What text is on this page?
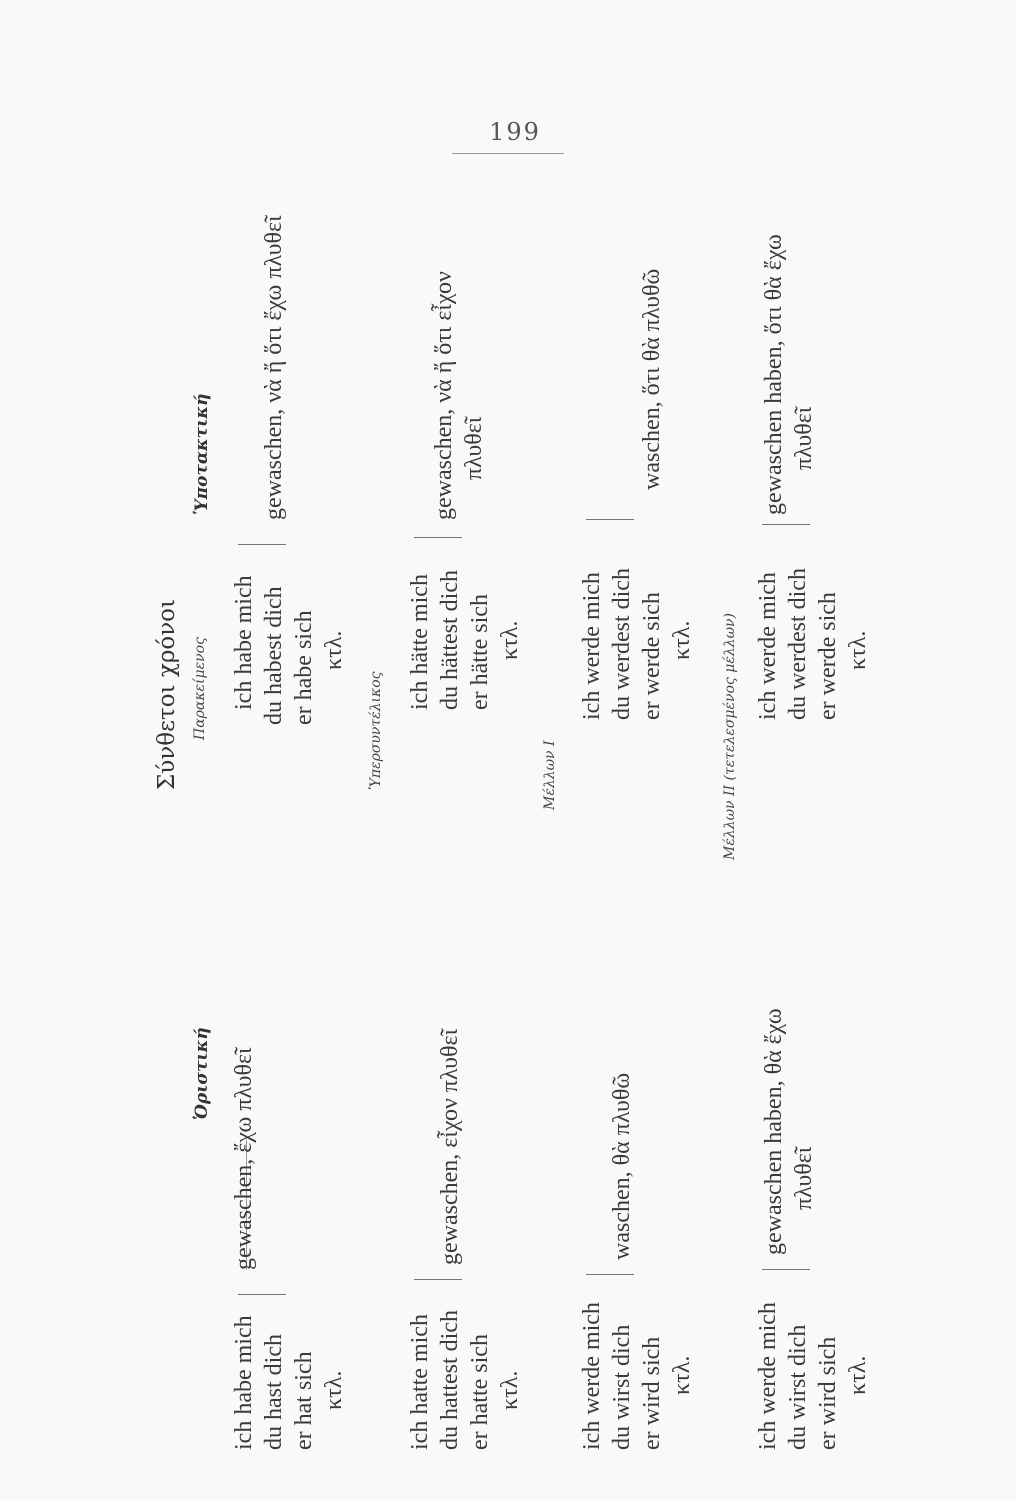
199
Σύνθετοι χρόνοι
Ὁριστική
Ὑποτακτική
Παρακείμενος
ich habe mich du hast dich er hat sich κτλ.
gewaschen, ἔχω πλυθεῖ
ich habe mich du habest dich er habe sich κτλ.
gewaschen, νὰ ἤ ὅτι ἔχω πλυθεῖ
Ὑπερσυντέλικος
ich hatte mich du hattest dich er hatte sich κτλ.
gewaschen, εἶχον πλυθεῖ
ich hätte mich du hättest dich er hätte sich κτλ.
gewaschen, νὰ ἤ ὅτι εἶχον πλυθεῖ
Μέλλων I
ich werde mich du wirst dich er wird sich κτλ.
waschen, θὰ πλυθῶ
ich werde mich du werdest dich er werde sich κτλ.
waschen, ὅτι θὰ πλυθῶ
Μέλλων II (τετελεσμένος μέλλων)
ich werde mich du wirst dich er wird sich κτλ.
gewaschen haben, θὰ ἔχω πλυθεῖ
ich werde mich du werdest dich er werde sich κτλ.
gewaschen haben, ὅτι θὰ ἔχω πλυθεῖ
